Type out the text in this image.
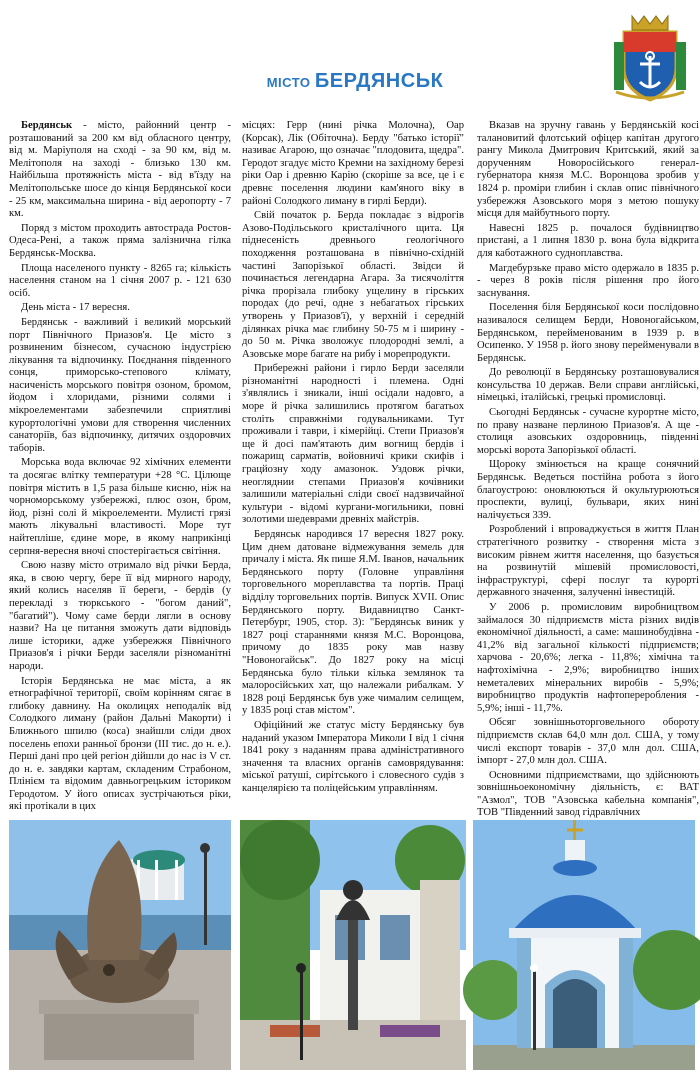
МІСТО БЕРДЯНСЬК

Бердянськ - місто, районний центр - розташований за 200 км від обласного центру, від м. Маріуполя на сході - за 90 км, від м. Мелітополя на заході - близько 130 км. Найбільша протяжність міста - від в'їзду на Мелітопольське шосе до кінця Бердянської коси - 25 км, максимальна ширина - від аеропорту - 7 км.

Поряд з містом проходить автострада Ростов-Одеса-Рені, а також пряма залізнична гілка Бердянськ-Москва.

Площа населеного пункту - 8265 га; кількість населення станом на 1 січня 2007 р. - 121 630 осіб.

День міста - 17 вересня.

Бердянськ - важливий і великий морський порт Північного Приазов'я. Це місто з розвиненим бізнесом, сучасною індустрією лікування та відпочинку. Поєднання південного сонця, приморсько-степового клімату, насиченість морського повітря озоном, бромом, йодом і хлоридами, різними солями і мікроелементами забезпечили сприятливі курортологічні умови для створення численних санаторіїв, баз відпочинку, дитячих оздоровчих таборів.

Морська вода включає 92 хімічних елементи та досягає влітку температури +28 °С. Цілюще повітря містить в 1,5 раза більше кисню, ніж на чорноморському узбережжі, плюс озон, бром, йод, різні солі й мікроелементи. Мулисті грязі мають лікувальні властивості. Море тут найтепліше, єдине море, в якому наприкінці серпня-вересня вночі спостерігається світіння.

Свою назву місто отримало від річки Берда, яка, в свою чергу, бере її від мирного народу, який колись населяв її береги, - бердів (у перекладі з тюркського - "богом даний", "багатий"). Чому саме берди лягли в основу назви? На це питання зможуть дати відповідь лише історики, адже узбережжя Північного Приазов'я і річки Берди заселяли різноманітні народи.

Історія Бердянська не має міста, а як етнографічної території, своїм корінням сягає в глибоку давнину. На околицях неподалік від Солодкого лиману (район Дальні Макорти) і Ближнього шпилю (коса) знайшли сліди двох поселень епохи ранньої бронзи (ІІІ тис. до н. е.). Перші дані про цей регіон дійшли до нас із V ст. до н. е. завдяки картам, складеним Страбоном, Плінієм та відомим давньогрецьким істориком Геродотом. У його описах зустрічаються ріки, які протікали в цих

місцях: Герр (нині річка Молочна), Оар (Корсак), Лік (Обіточна). Берду "батько історії" називає Агарою, що означає "плодовита, щедра". Геродот згадує місто Кремни на західному березі ріки Оар і древню Карію (скоріше за все, це і є древнє поселення людини кам'яного віку в районі Солодкого лиману в гирлі Берди).

Свій початок р. Берда покладає з відрогів Азово-Подільського кристалічного щита. Ця піднесеність древнього геологічного походження розташована в північно-східній частині Запорізької області. Звідси й починається легендарна Агара. За тисячоліття річка прорізала глибоку ущелину в гірських породах (до речі, одне з небагатьох гірських утворень у Приазов'ї), у верхній і середній ділянках річка має глибину 50-75 м і ширину - до 50 м. Річка зволожує плодородні землі, а Азовське море багате на рибу і морепродукти.

Прибережні райони і гирло Берди заселяли різноманітні народності і племена. Одні з'являлись і зникали, інші осідали надовго, а море й річка залишились протягом багатьох століть справжніми годувальниками. Тут проживали і таври, і кімерійці. Степи Приазов'я ще й досі пам'ятають дим вогнищ бердів і пожарищ сарматів, войовничі крики скифів і грацйозну ходу амазонок. Уздовж річки, неогляднии степами Приазов'я кочівники залишили матеріальні сліди своєї надзвичайної культури - відомі кургани-могильники, повні золотими шедеврами древніх майстрів.

Бердянськ народився 17 вересня 1827 року. Цим днем датоване відмежування земель для причалу і міста. Як пише Я.М. Іванов, начальник Бердянського порту (Головне управління торговельного мореплавства та портів. Праці відділу торговельних портів. Випуск XVII. Опис Бердянського порту. Видавництво Санкт-Петербург, 1905, стор. 3): "Бердянськ виник у 1827 році стараннями князя М.С. Воронцова, причому до 1835 року мав назву "Новоногайськ". До 1827 року на місці Бердянська було тільки кілька землянок та малоросійських хат, що належали рибалкам. У 1828 році Бердянськ був уже чималим селищем, у 1835 році став містом".

Офіційний же статус місту Бердянську був наданий указом Імператора Миколи І від 1 січня 1841 року з наданням права адміністративного значення та власних органів самоврядування: міської ратуші, сирітського і словесного судів з канцелярією та поліцейським управлінням.

Вказав на зручну гавань у Бердянській косі талановитий флотський офіцер капітан другого рангу Микола Дмитрович Критський, який за дорученням Новоросійського генерал-губернатора князя М.С. Воронцова зробив у 1824 р. проміри глибин і склав опис північного узбережжя Азовського моря з метою пошуку місця для майбутнього порту.

Навесні 1825 р. почалося будівництво пристані, а 1 липня 1830 р. вона була відкрита для каботажного судноплавства.

Магдебурзьке право місто одержало в 1835 р. - через 8 років після рішення про його заснування.

Поселення біля Бердянської коси послідовно називалося селищем Берди, Новоногайськом, Бердянськом, перейменованим в 1939 р. в Осипенко. У 1958 р. його знову перейменували в Бердянськ.

До революції в Бердянську розташовувалися консульства 10 держав. Вели справи англійські, німецькі, італійські, грецькі промисловці.

Сьогодні Бердянськ - сучасне курортне місто, по праву назване перлиною Приазов'я. А ще - столиця азовських оздоровниць, південні морські ворота Запорізької області.

Щороку змінюється на краще сонячний Бердянськ. Ведеться постійна робота з його благоустрою: оновлюються й окультурюються проспекти, вулиці, бульвари, яких нині налічується 339.

Розроблений і впроваджується в життя План стратегічного розвитку - створення міста з високим рівнем життя населення, що базується на розвинутій мішевій промисловості, інфраструктурі, сфері послуг та курорті державного значення, залученні інвестицій.

У 2006 р. промисловим виробництвом займалося 30 підприємств міста різних видів економічної діяльності, а саме: машинобудівна - 41,2% від загальної кількості підприємств; харчова - 20,6%; легка - 11,8%; хімічна та нафтохімічна - 2,9%; виробництво інших неметалевих мінеральних виробів - 5,9%; виробництво продуктів нафтопереробления - 5,9%; інші - 11,7%.

Обсяг зовнішньоторговельного обороту підприємств склав 64,0 млн дол. США, у тому числі експорт товарів - 37,0 млн дол. США, імпорт - 27,0 млн дол. США.

Основними підприємствами, що здійснюють зовнішньоекономічну діяльність, є: ВАТ "Азмол", ТОВ "Азовська кабельна компанія", ТОВ "Південний завод гідравлічних
